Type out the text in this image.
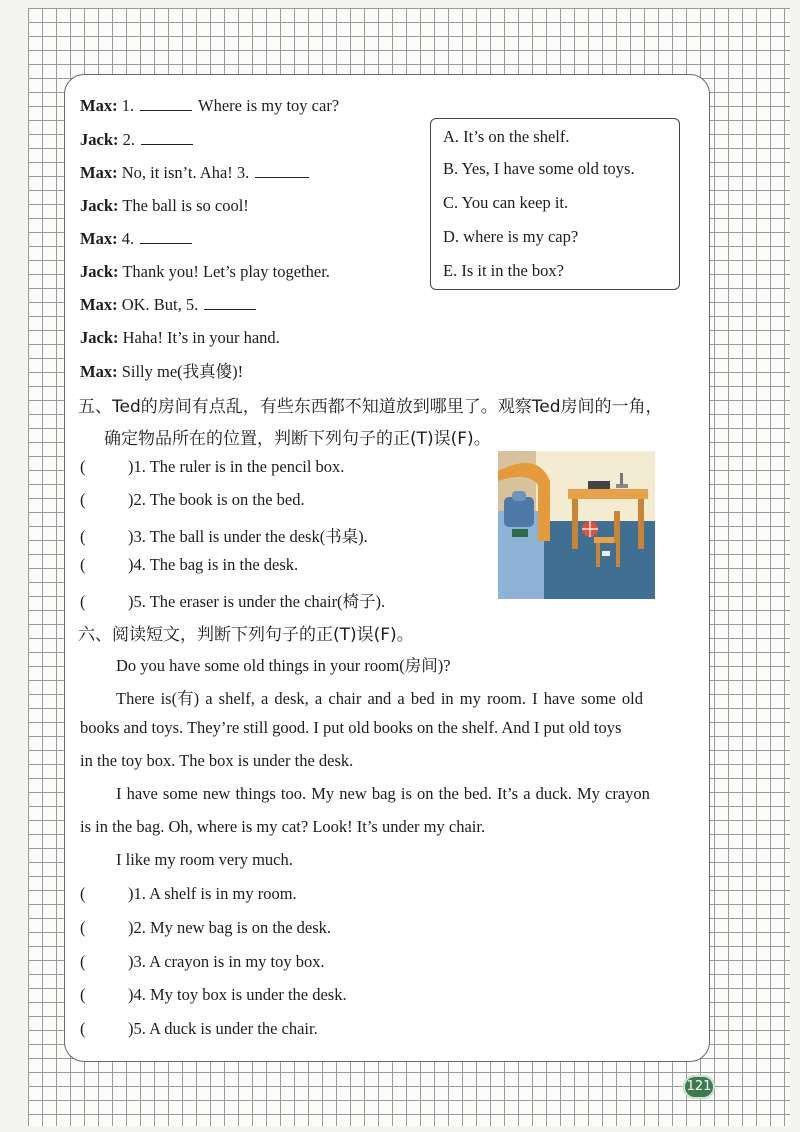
Max: 1.	Where is my toy car?
Jack: 2.
Max: No, it isn’t. Aha! 3.
Jack: The ball is so cool!
Max: 4.
Jack: Thank you! Let’s play together.
Max: OK. But, 5.
Jack: Haha! It’s in your hand.
Max: Silly me(我真傻)!
A. It’s on the shelf.
B. Yes, I have some old toys.
C. You can keep it.
D. where is my cap?
E. Is it in the box?
五、Ted的房间有点乱，有些东西都不知道放到哪里了。观察Ted房间的一角，
确定物品所在的位置，判断下列句子的正(T)误(F)。
(	)1. The ruler is in the pencil box.
(	)2. The book is on the bed.
(	)3. The ball is under the desk(书桌).
(	)4. The bag is in the desk.
(	)5. The eraser is under the chair(椅子).
六、阅读短文，判断下列句子的正(T)误(F)。
Do you have some old things in your room(房间)?
There is(有) a shelf, a desk, a chair and a bed in my room. I have some old
books and toys. They’re still good. I put old books on the shelf. And I put old toys
in the toy box. The box is under the desk.
I have some new things too. My new bag is on the bed. It’s a duck. My crayon
is in the bag. Oh, where is my cat? Look! It’s under my chair.
I like my room very much.
(	)1. A shelf is in my room.
(	)2. My new bag is on the desk.
(	)3. A crayon is in my toy box.
(	)4. My toy box is under the desk.
(	)5. A duck is under the chair.
121
